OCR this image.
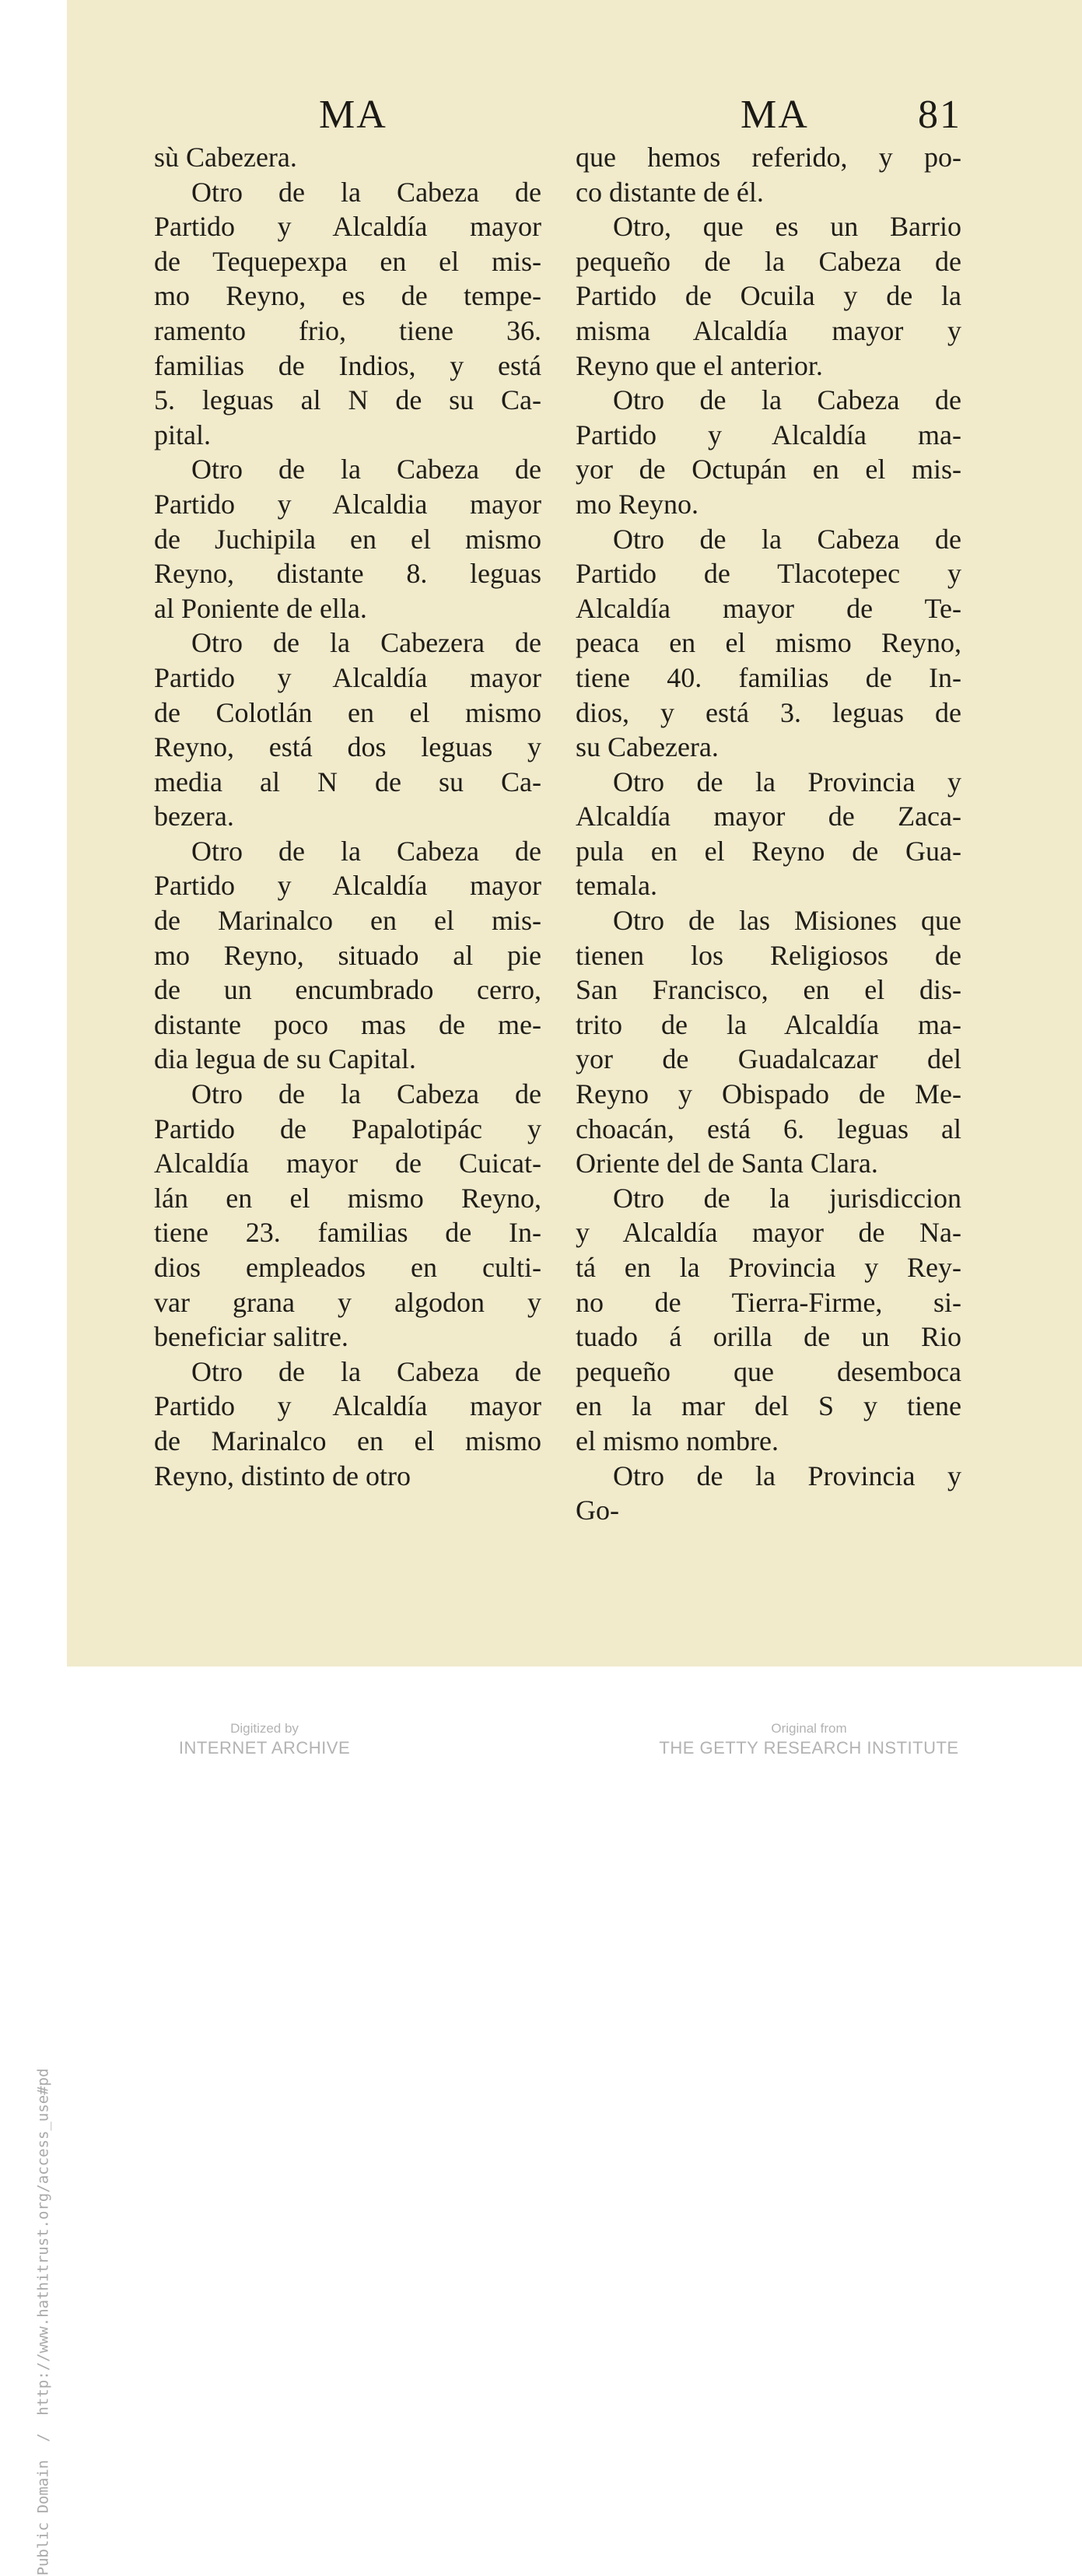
Public Domain  /  http://www.hathitrust.org/access_use#pd

MA	MA	81
sù Cabezera.
Otro de la Cabeza de
Partido y Alcaldía mayor
de Tequepexpa en el mis-
mo Reyno, es de tempe-
ramento frio, tiene 36.
familias de Indios, y está
5. leguas al N de su Ca-
pital.
Otro de la Cabeza de
Partido y Alcaldia mayor
de Juchipila en el mismo
Reyno, distante 8. leguas
al Poniente de ella.
Otro de la Cabezera de
Partido y Alcaldía mayor
de Colotlán en el mismo
Reyno, está dos leguas y
media al N de su Ca-
bezera.
Otro de la Cabeza de
Partido y Alcaldía mayor
de Marinalco en el mis-
mo Reyno, situado al pie
de un encumbrado cerro,
distante poco mas de me-
dia legua de su Capital.
Otro de la Cabeza de
Partido de Papalotipác y
Alcaldía mayor de Cuicat-
lán en el mismo Reyno,
tiene 23. familias de In-
dios empleados en culti-
var grana y algodon y
beneficiar salitre.
Otro de la Cabeza de
Partido y Alcaldía mayor
de Marinalco en el mismo
Reyno, distinto de otro
que hemos referido, y po-
co distante de él.
Otro, que es un Barrio
pequeño de la Cabeza de
Partido de Ocuila y de la
misma Alcaldía mayor y
Reyno que el anterior.
Otro de la Cabeza de
Partido y Alcaldía ma-
yor de Octupán en el mis-
mo Reyno.
Otro de la Cabeza de
Partido de Tlacotepec y
Alcaldía mayor de Te-
peaca en el mismo Reyno,
tiene 40. familias de In-
dios, y está 3. leguas de
su Cabezera.
Otro de la Provincia y
Alcaldía mayor de Zaca-
pula en el Reyno de Gua-
temala.
Otro de las Misiones que
tienen los Religiosos de
San Francisco, en el dis-
trito de la Alcaldía ma-
yor de Guadalcazar del
Reyno y Obispado de Me-
choacán, está 6. leguas al
Oriente del de Santa Clara.
Otro de la jurisdiccion
y Alcaldía mayor de Na-
tá en la Provincia y Rey-
no de Tierra-Firme, si-
tuado á orilla de un Rio
pequeño que desemboca
en la mar del S y tiene
el mismo nombre.
Otro de la Provincia y
Go-
Digitized by
INTERNET ARCHIVE
Original from
THE GETTY RESEARCH INSTITUTE
